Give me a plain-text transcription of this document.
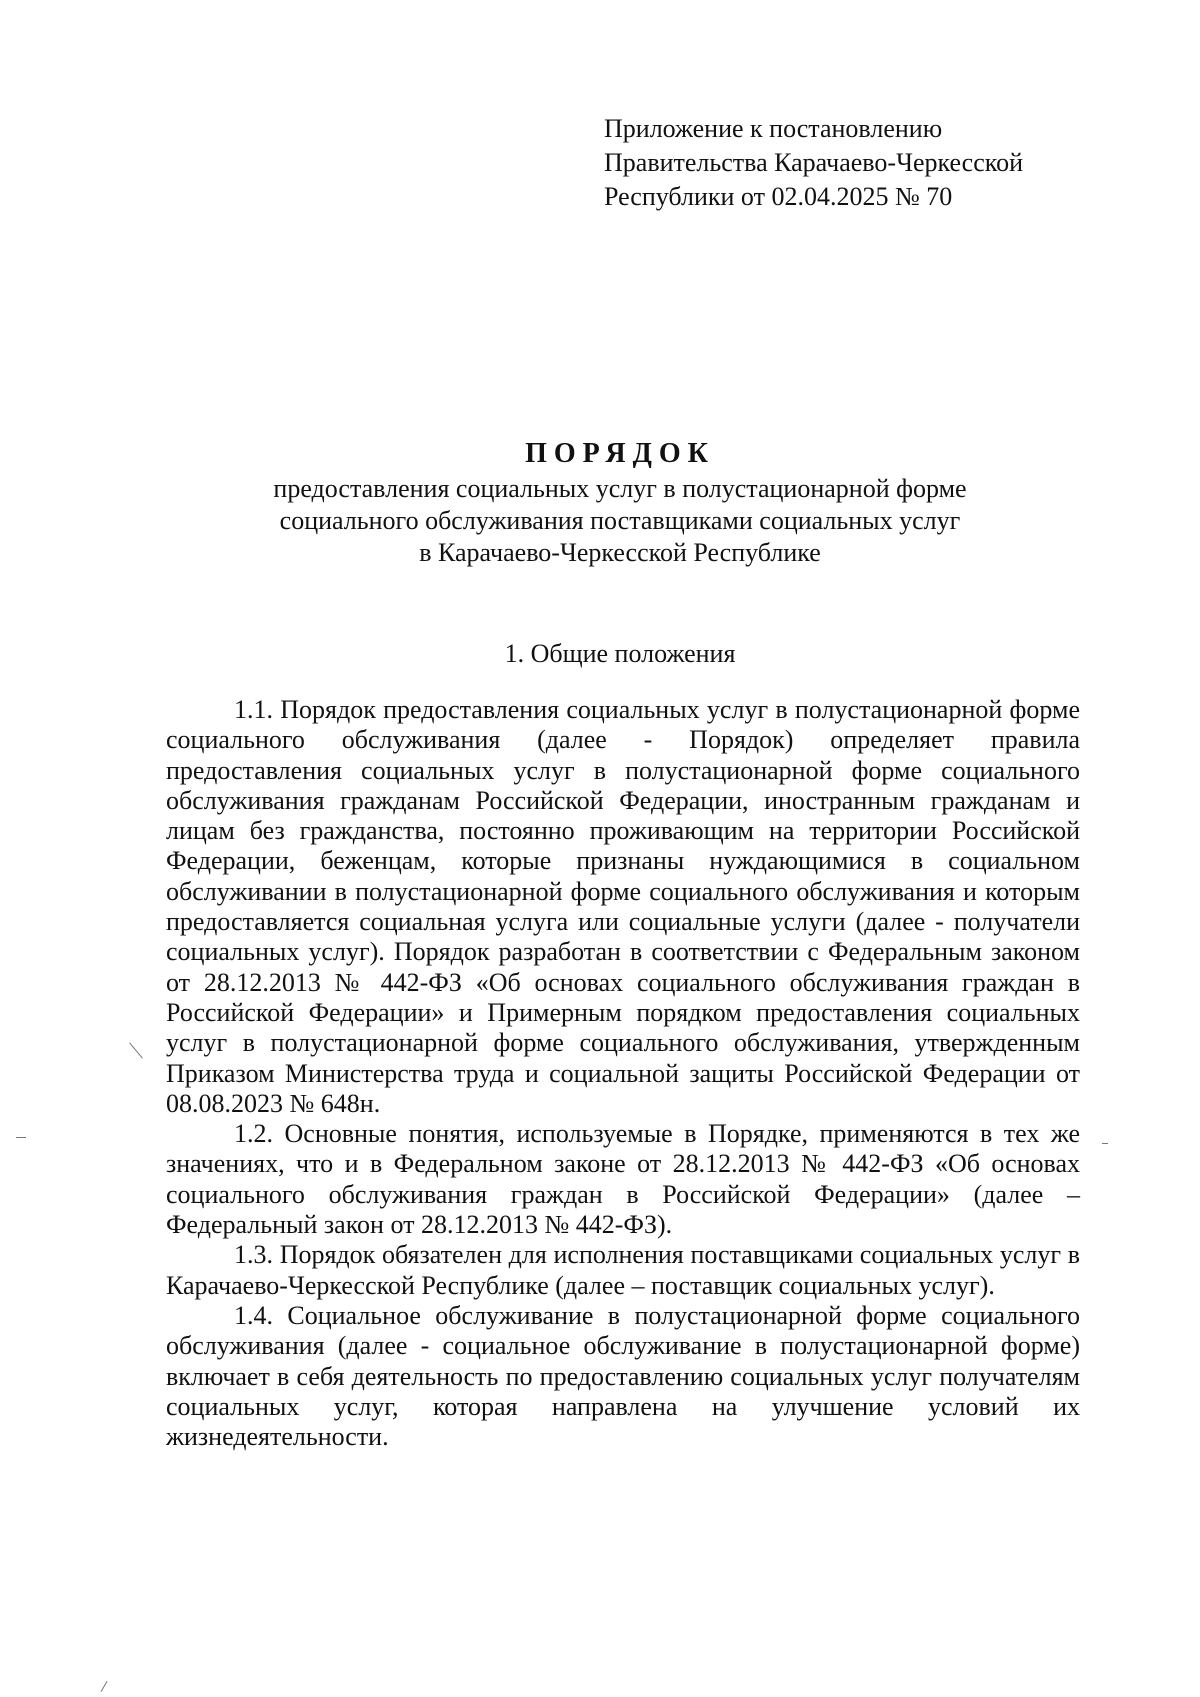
Приложение к постановлению
Правительства Карачаево-Черкесской
Республики от 02.04.2025 № 70
ПОРЯДОК
предоставления социальных услуг в полустационарной форме
социального обслуживания поставщиками социальных услуг
в Карачаево-Черкесской Республике
1. Общие положения

1.1. Порядок предоставления социальных услуг в полустационарной форме социального обслуживания (далее - Порядок) определяет правила предоставления социальных услуг в полустационарной форме социального обслуживания гражданам Российской Федерации, иностранным гражданам и лицам без гражданства, постоянно проживающим на территории Российской Федерации, беженцам, которые признаны нуждающимися в социальном обслуживании в полустационарной форме социального обслуживания и которым предоставляется социальная услуга или социальные услуги (далее - получатели социальных услуг). Порядок разработан в соответствии с Федеральным законом от 28.12.2013 № 442-ФЗ «Об основах социального обслуживания граждан в Российской Федерации» и Примерным порядком предоставления социальных услуг в полустационарной форме социального обслуживания, утвержденным Приказом Министерства труда и социальной защиты Российской Федерации от 08.08.2023 № 648н.

1.2. Основные понятия, используемые в Порядке, применяются в тех же значениях, что и в Федеральном законе от 28.12.2013 № 442-ФЗ «Об основах социального обслуживания граждан в Российской Федерации» (далее – Федеральный закон от 28.12.2013 № 442-ФЗ).

1.3. Порядок обязателен для исполнения поставщиками социальных услуг в Карачаево-Черкесской Республике (далее – поставщик социальных услуг).

1.4. Социальное обслуживание в полустационарной форме социального обслуживания (далее - социальное обслуживание в полустационарной форме) включает в себя деятельность по предоставлению социальных услуг получателям социальных услуг, которая направлена на улучшение условий их жизнедеятельности.
